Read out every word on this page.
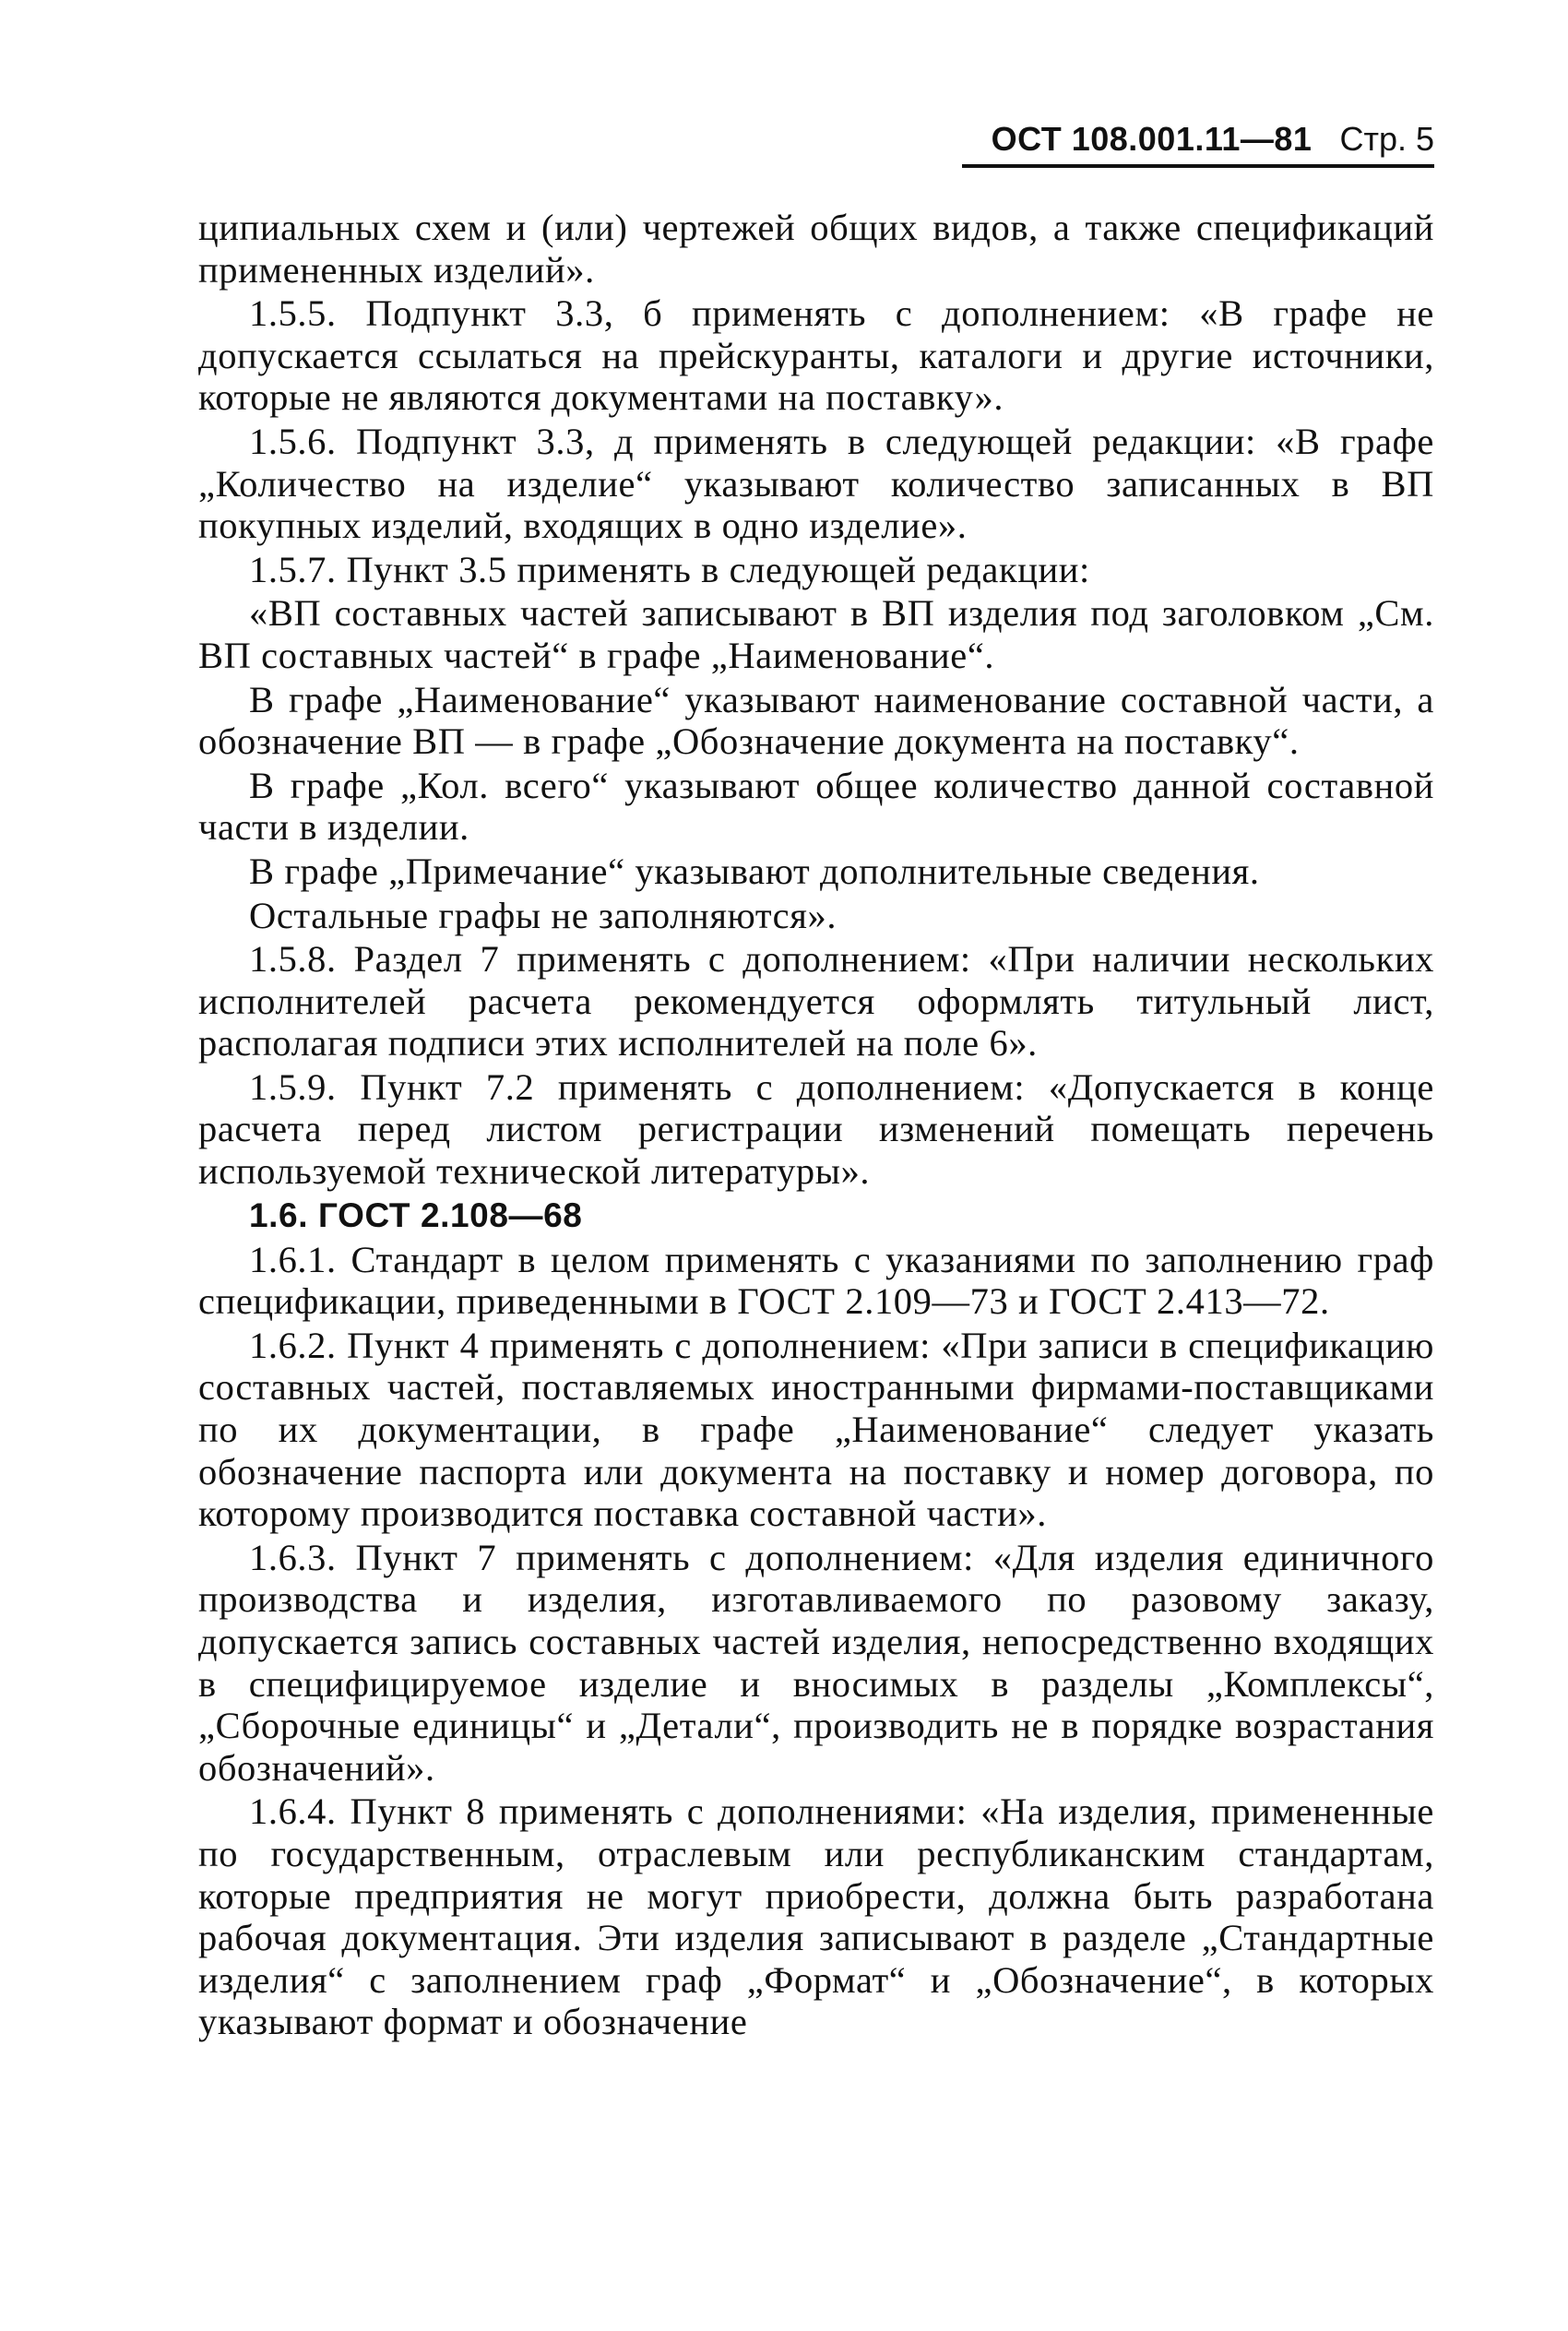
ОСТ 108.001.11—81 Стр. 5

ципиальных схем и (или) чертежей общих видов, а также спецификаций примененных изделий».

1.5.5. Подпункт 3.3, б применять с дополнением: «В графе не допускается ссылаться на прейскуранты, каталоги и другие источники, которые не являются документами на поставку».

1.5.6. Подпункт 3.3, д применять в следующей редакции: «В графе „Количество на изделие“ указывают количество записанных в ВП покупных изделий, входящих в одно изделие».

1.5.7. Пункт 3.5 применять в следующей редакции:

«ВП составных частей записывают в ВП изделия под заголовком „См. ВП составных частей“ в графе „Наименование“.

В графе „Наименование“ указывают наименование составной части, а обозначение ВП — в графе „Обозначение документа на поставку“.

В графе „Кол. всего“ указывают общее количество данной составной части в изделии.

В графе „Примечание“ указывают дополнительные сведения.

Остальные графы не заполняются».

1.5.8. Раздел 7 применять с дополнением: «При наличии нескольких исполнителей расчета рекомендуется оформлять титульный лист, располагая подписи этих исполнителей на поле 6».

1.5.9. Пункт 7.2 применять с дополнением: «Допускается в конце расчета перед листом регистрации изменений помещать перечень используемой технической литературы».

1.6. ГОСТ 2.108—68

1.6.1. Стандарт в целом применять с указаниями по заполнению граф спецификации, приведенными в ГОСТ 2.109—73 и ГОСТ 2.413—72.

1.6.2. Пункт 4 применять с дополнением: «При записи в спецификацию составных частей, поставляемых иностранными фирмами-поставщиками по их документации, в графе „Наименование“ следует указать обозначение паспорта или документа на поставку и номер договора, по которому производится поставка составной части».

1.6.3. Пункт 7 применять с дополнением: «Для изделия единичного производства и изделия, изготавливаемого по разовому заказу, допускается запись составных частей изделия, непосредственно входящих в специфицируемое изделие и вносимых в разделы „Комплексы“, „Сборочные единицы“ и „Детали“, производить не в порядке возрастания обозначений».

1.6.4. Пункт 8 применять с дополнениями: «На изделия, примененные по государственным, отраслевым или республиканским стандартам, которые предприятия не могут приобрести, должна быть разработана рабочая документация. Эти изделия записывают в разделе „Стандартные изделия“ с заполнением граф „Формат“ и „Обозначение“, в которых указывают формат и обозначение
